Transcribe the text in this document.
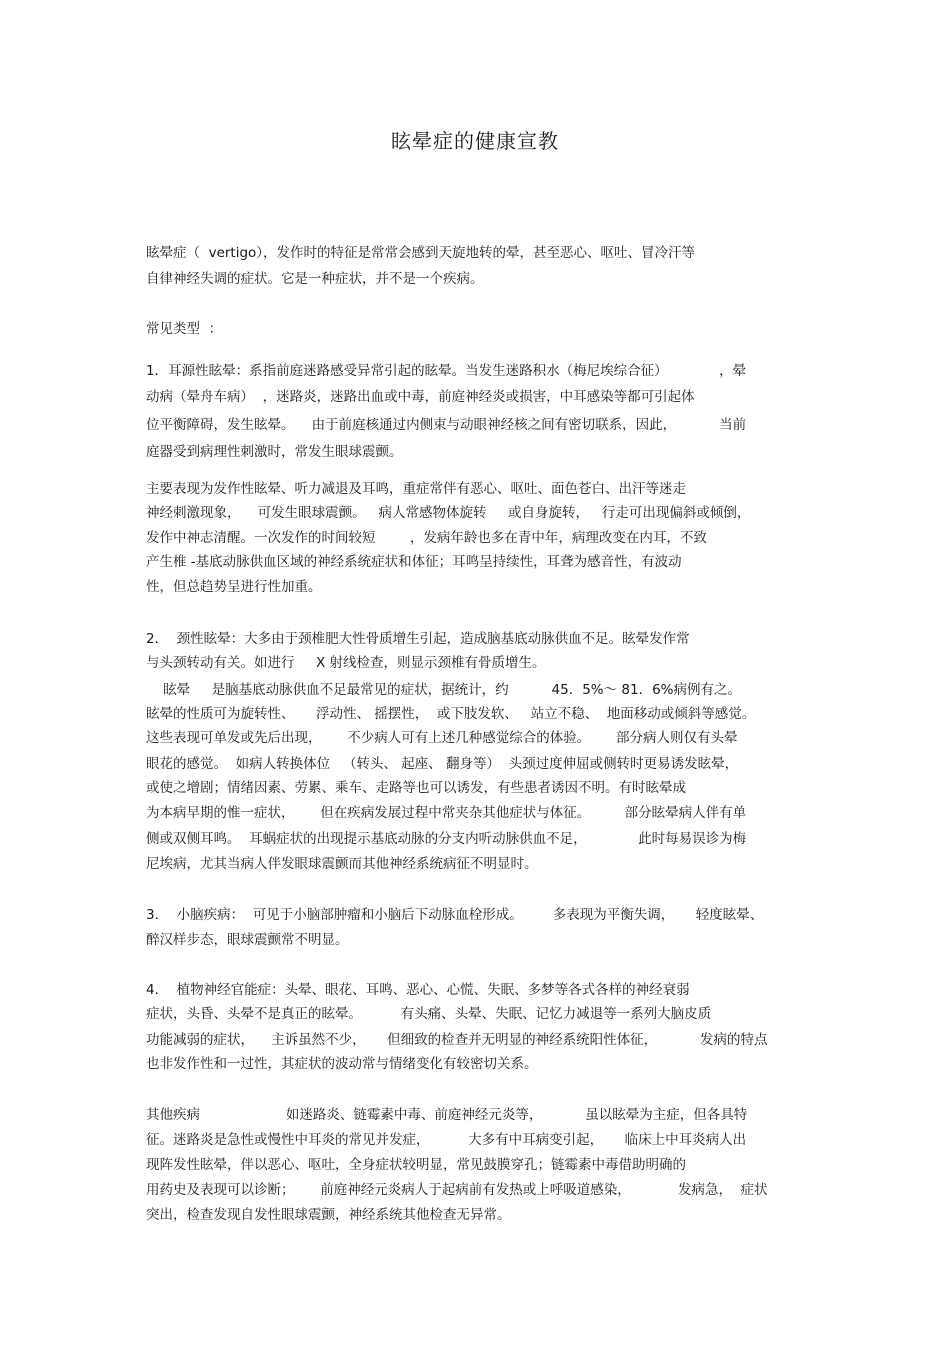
眩晕症的健康宣教
眩晕症（  vertigo），发作时的特征是常常会感到天旋地转的晕，甚至恶心、呕吐、冒冷汗等
自律神经失调的症状。它是一种症状，并不是一个疾病。
常见类型  ：
1．耳源性眩晕：系指前庭迷路感受异常引起的眩晕。当发生迷路积水（梅尼埃综合征）            ，晕
动病（晕舟车病）  ，迷路炎，迷路出血或中毒，前庭神经炎或损害，中耳感染等都可引起体
位平衡障碍，发生眩晕。    由于前庭核通过内侧束与动眼神经核之间有密切联系，因此，          当前
庭器受到病理性刺激时，常发生眼球震颤。
主要表现为发作性眩晕、听力减退及耳鸣，重症常伴有恶心、呕吐、面色苍白、出汗等迷走
神经刺激现象，    可发生眼球震颤。   病人常感物体旋转     或自身旋转，   行走可出现偏斜或倾倒，
发作中神志清醒。一次发作的时间较短        ，发病年龄也多在青中年，病理改变在内耳，不致
产生椎 -基底动脉供血区域的神经系统症状和体征；耳鸣呈持续性，耳聋为感音性，有波动
性，但总趋势呈进行性加重。
2．  颈性眩晕：大多由于颈椎肥大性骨质增生引起，造成脑基底动脉供血不足。眩晕发作常
与头颈转动有关。如进行     X 射线检查，则显示颈椎有骨质增生。
眩晕     是脑基底动脉供血不足最常见的症状，据统计，约          45．5%～ 81．6%病例有之。
眩晕的性质可为旋转性、     浮动性、 摇摆性，  或下肢发软、   站立不稳、  地面移动或倾斜等感觉。
这些表现可单发或先后出现，      不少病人可有上述几种感觉综合的体验。      部分病人则仅有头晕
眼花的感觉。  如病人转换体位   （转头、 起座、 翻身等）  头颈过度伸屈或侧转时更易诱发眩晕，
或使之增剧；情绪因素、劳累、乘车、走路等也可以诱发，有些患者诱因不明。有时眩晕成
为本病早期的惟一症状，      但在疾病发展过程中常夹杂其他症状与体征。        部分眩晕病人伴有单
侧或双侧耳鸣。  耳蜗症状的出现提示基底动脉的分支内听动脉供血不足，            此时每易误诊为梅
尼埃病，尤其当病人伴发眼球震颤而其他神经系统病征不明显时。
3．  小脑疾病：  可见于小脑部肿瘤和小脑后下动脉血栓形成。       多表现为平衡失调，     轻度眩晕、
醉汉样步态，眼球震颤常不明显。
4．  植物神经官能症：头晕、眼花、耳鸣、恶心、心慌、失眠、多梦等各式各样的神经衰弱
症状，头昏、头晕不是真正的眩晕。         有头痛、头晕、失眠、记忆力减退等一系列大脑皮质
功能减弱的症状，    主诉虽然不少，     但细致的检查并无明显的神经系统阳性体征，          发病的特点
也非发作性和一过性，其症状的波动常与情绪变化有较密切关系。
其他疾病                    如迷路炎、链霉素中毒、前庭神经元炎等，          虽以眩晕为主症，但各具特
征。迷路炎是急性或慢性中耳炎的常见并发症，         大多有中耳病变引起，     临床上中耳炎病人出
现阵发性眩晕，伴以恶心、呕吐，全身症状较明显，常见鼓膜穿孔；链霉素中毒借助明确的
用药史及表现可以诊断；      前庭神经元炎病人于起病前有发热或上呼吸道感染，           发病急，  症状
突出，检查发现自发性眼球震颤，神经系统其他检查无异常。
